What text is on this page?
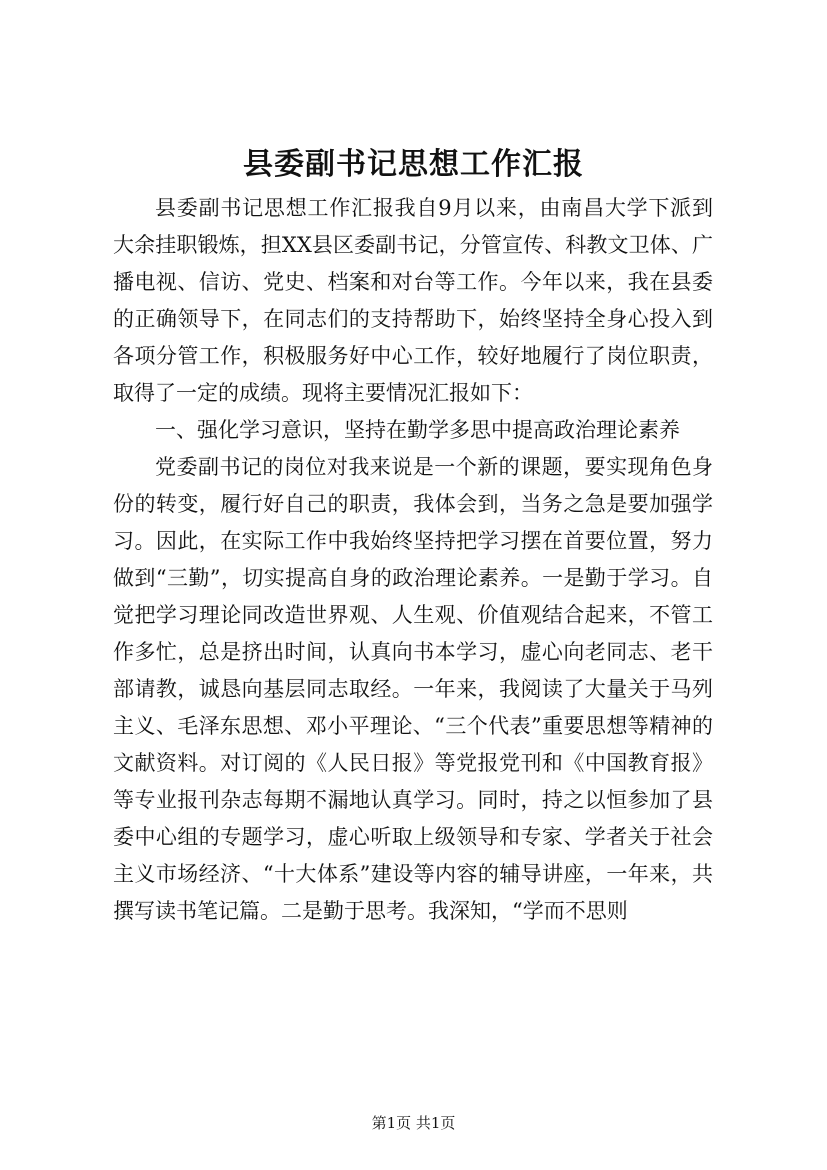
县委副书记思想工作汇报

县委副书记思想工作汇报我自9月以来，由南昌大学下派到大余挂职锻炼，担XX县区委副书记，分管宣传、科教文卫体、广播电视、信访、党史、档案和对台等工作。今年以来，我在县委的正确领导下，在同志们的支持帮助下，始终坚持全身心投入到各项分管工作，积极服务好中心工作，较好地履行了岗位职责，取得了一定的成绩。现将主要情况汇报如下：

一、强化学习意识，坚持在勤学多思中提高政治理论素养

党委副书记的岗位对我来说是一个新的课题，要实现角色身份的转变，履行好自己的职责，我体会到，当务之急是要加强学习。因此，在实际工作中我始终坚持把学习摆在首要位置，努力做到“三勤”，切实提高自身的政治理论素养。一是勤于学习。自觉把学习理论同改造世界观、人生观、价值观结合起来，不管工作多忙，总是挤出时间，认真向书本学习，虚心向老同志、老干部请教，诚恳向基层同志取经。一年来，我阅读了大量关于马列主义、毛泽东思想、邓小平理论、“三个代表”重要思想等精神的文献资料。对订阅的《人民日报》等党报党刊和《中国教育报》等专业报刊杂志每期不漏地认真学习。同时，持之以恒参加了县委中心组的专题学习，虚心听取上级领导和专家、学者关于社会主义市场经济、“十大体系”建设等内容的辅导讲座，一年来，共撰写读书笔记篇。二是勤于思考。我深知，“学而不思则

第1页 共1页
